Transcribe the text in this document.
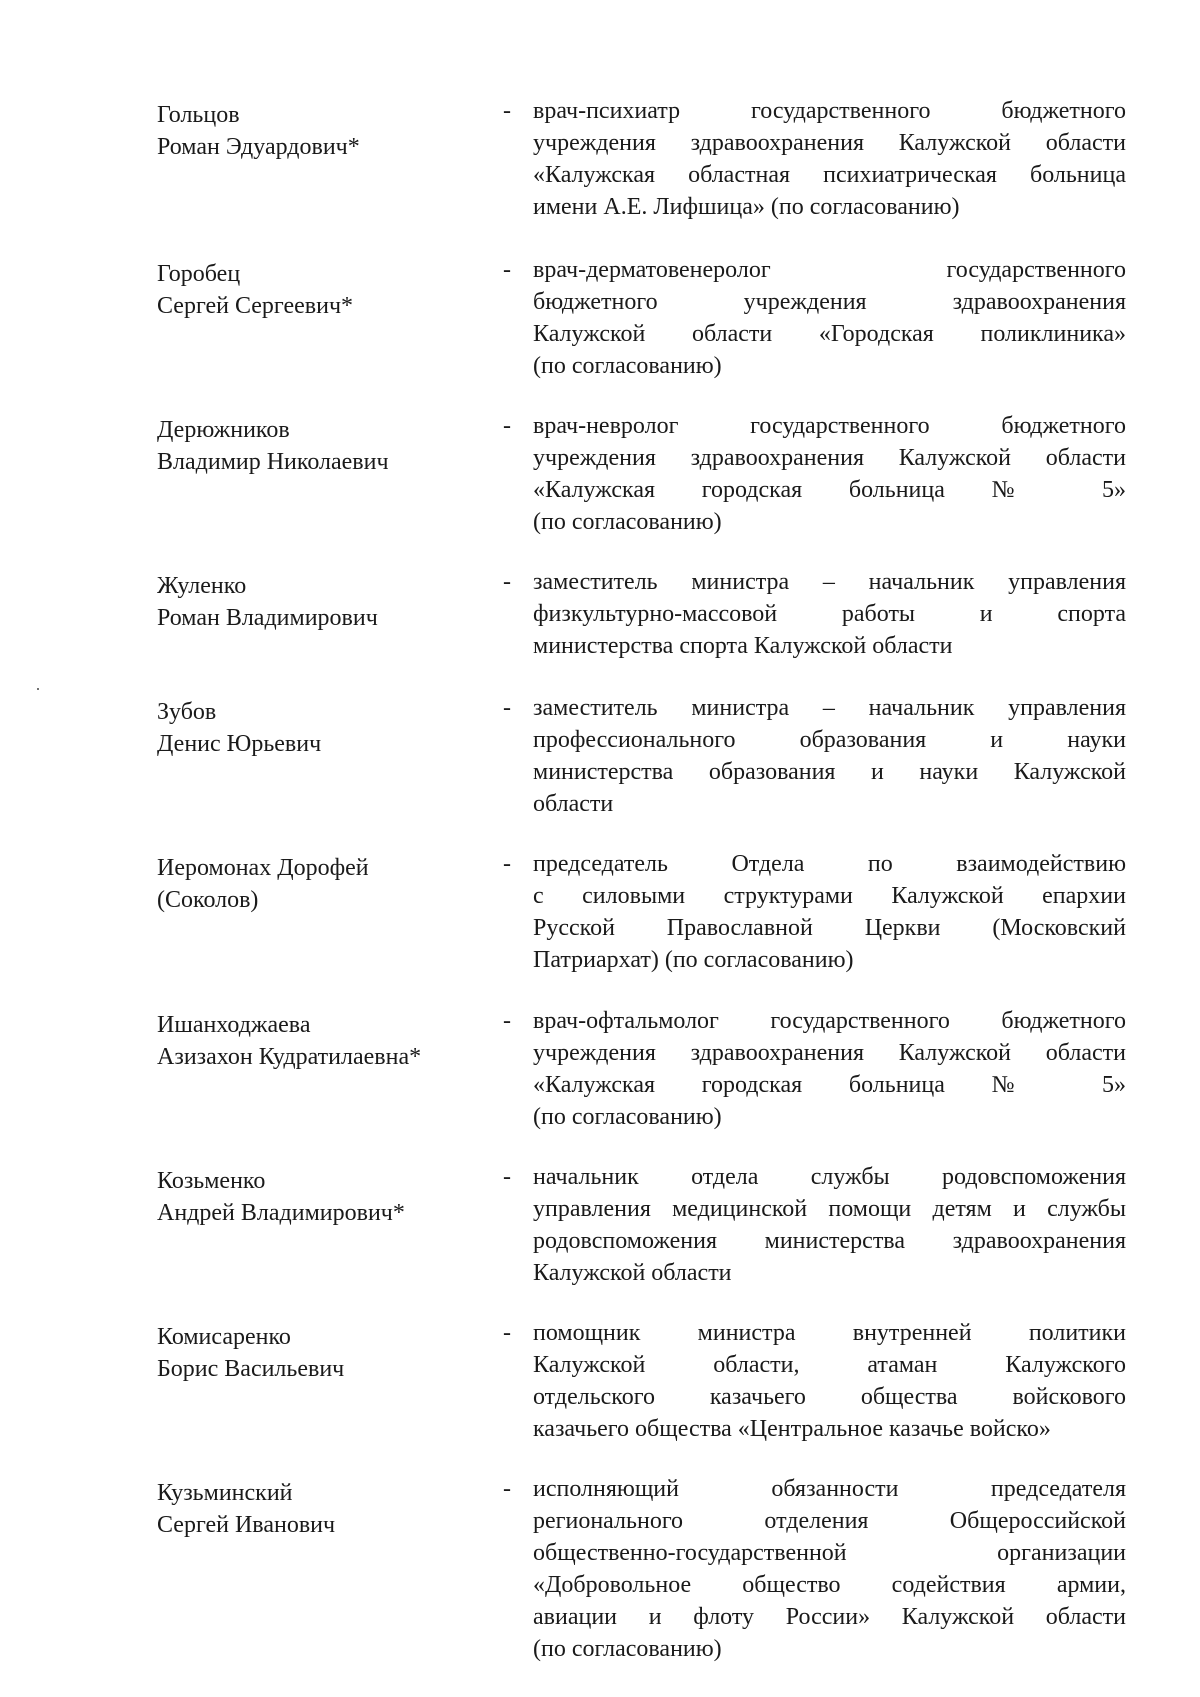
Гольцов
Роман Эдуардович*
- врач-психиатр государственного бюджетного
учреждения здравоохранения Калужской области
«Калужская областная психиатрическая больница
имени А.Е. Лифшица» (по согласованию)
Горобец
Сергей Сергеевич*
- врач-дерматовенеролог государственного
бюджетного учреждения здравоохранения
Калужской области «Городская поликлиника»
(по согласованию)
Дерюжников
Владимир Николаевич
- врач-невролог государственного бюджетного
учреждения здравоохранения Калужской области
«Калужская городская больница № 5»
(по согласованию)
Жуленко
Роман Владимирович
- заместитель министра – начальник управления
физкультурно-массовой работы и спорта
министерства спорта Калужской области
Зубов
Денис Юрьевич
- заместитель министра – начальник управления
профессионального образования и науки
министерства образования и науки Калужской
области
Иеромонах Дорофей
(Соколов)
- председатель Отдела по взаимодействию
с силовыми структурами Калужской епархии
Русской Православной Церкви (Московский
Патриархат) (по согласованию)
Ишанходжаева
Азизахон Кудратилаевна*
- врач-офтальмолог государственного бюджетного
учреждения здравоохранения Калужской области
«Калужская городская больница № 5»
(по согласованию)
Козьменко
Андрей Владимирович*
- начальник отдела службы родовспоможения
управления медицинской помощи детям и службы
родовспоможения министерства здравоохранения
Калужской области
Комисаренко
Борис Васильевич
- помощник министра внутренней политики
Калужской области, атаман Калужского
отдельского казачьего общества войскового
казачьего общества «Центральное казачье войско»
Кузьминский
Сергей Иванович
- исполняющий обязанности председателя
регионального отделения Общероссийской
общественно-государственной организации
«Добровольное общество содействия армии,
авиации и флоту России» Калужской области
(по согласованию)
